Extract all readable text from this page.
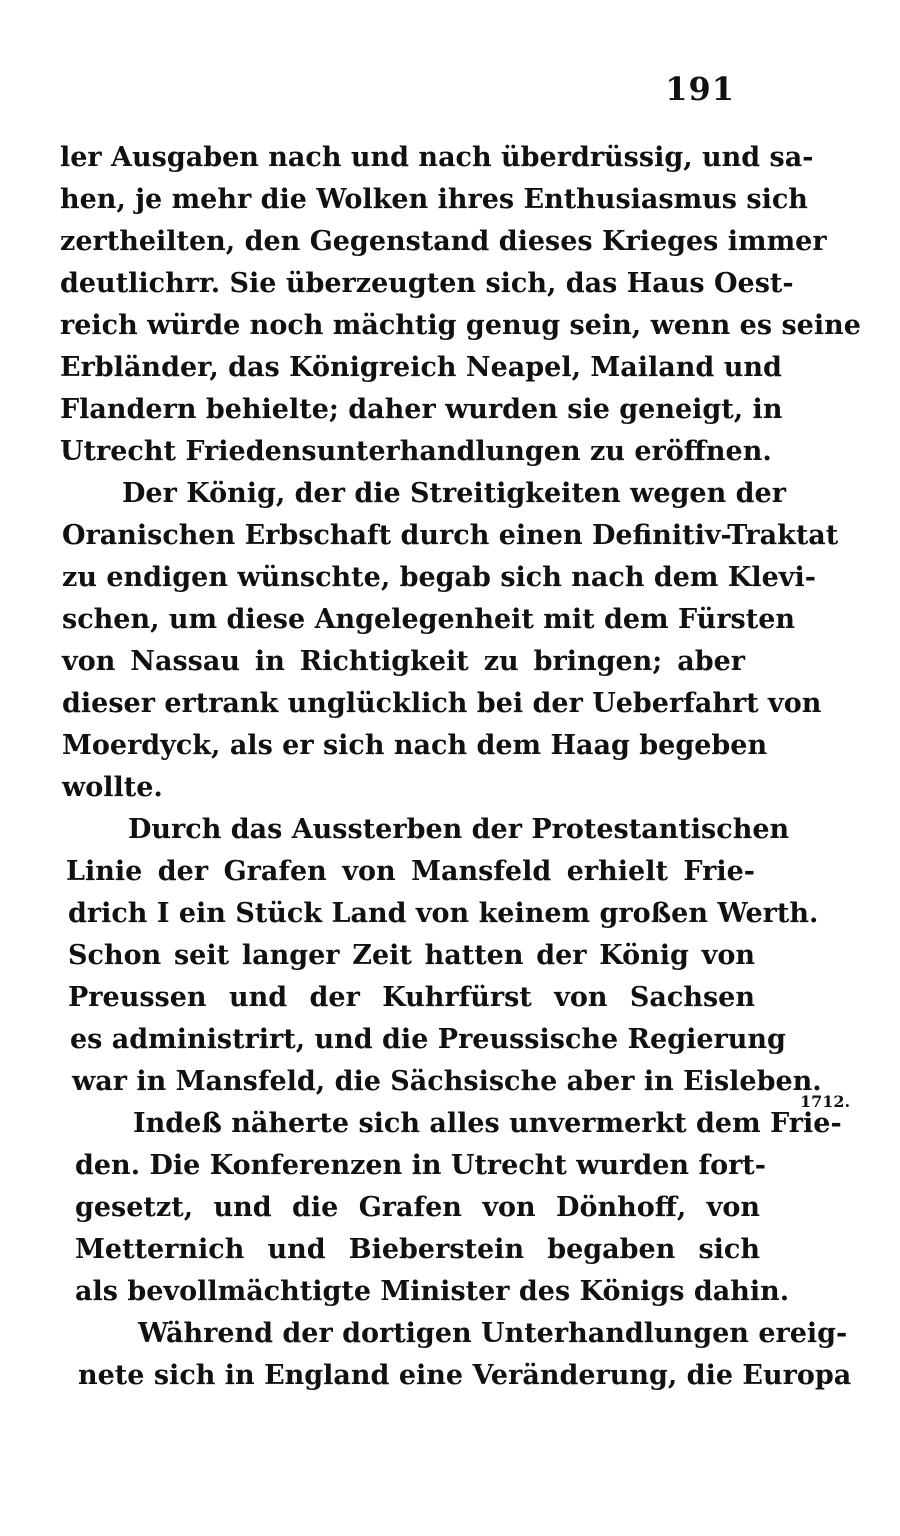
191

1712.

ler Ausgaben nach und nach überdrüssig, und sa-

hen, je mehr die Wolken ihres Enthusiasmus sich

zertheilten, den Gegenstand dieses Krieges immer

deutlichrr. Sie überzeugten sich, das Haus Oest-

reich würde noch mächtig genug sein, wenn es seine

Erbländer, das Königreich Neapel, Mailand und

Flandern behielte; daher wurden sie geneigt, in

Utrecht Friedensunterhandlungen zu eröffnen.

Der König, der die Streitigkeiten wegen der

Oranischen Erbschaft durch einen Definitiv-Traktat

zu endigen wünschte, begab sich nach dem Klevi-

schen, um diese Angelegenheit mit dem Fürsten

von Nassau in Richtigkeit zu bringen; aber

dieser ertrank unglücklich bei der Ueberfahrt von

Moerdyck, als er sich nach dem Haag begeben

wollte.

Durch das Aussterben der Protestantischen

Linie der Grafen von Mansfeld erhielt Frie-

drich I ein Stück Land von keinem großen Werth.

Schon seit langer Zeit hatten der König von

Preussen und der Kuhrfürst von Sachsen

es administrirt, und die Preussische Regierung

war in Mansfeld, die Sächsische aber in Eisleben.

Indeß näherte sich alles unvermerkt dem Frie-

den. Die Konferenzen in Utrecht wurden fort-

gesetzt, und die Grafen von Dönhoff, von

Metternich und Bieberstein begaben sich

als bevollmächtigte Minister des Königs dahin.

Während der dortigen Unterhandlungen ereig-

nete sich in England eine Veränderung, die Europa
